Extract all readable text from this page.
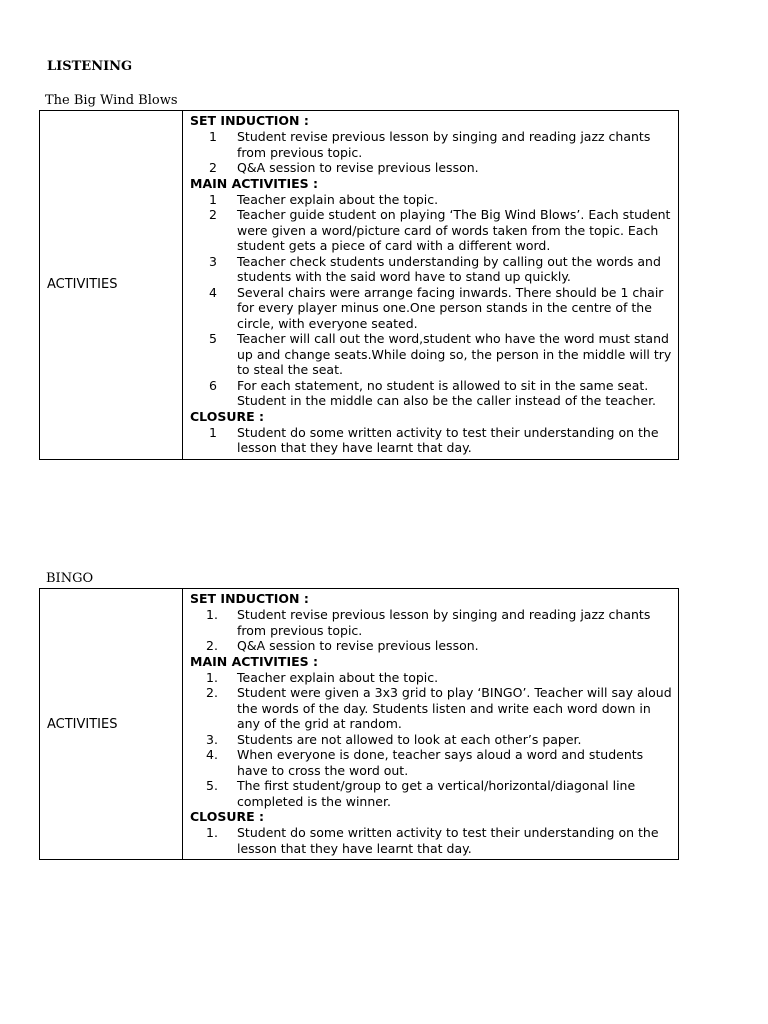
LISTENING
The Big Wind Blows
ACTIVITIES	
SET INDUCTION :
1 Student revise previous lesson by singing and reading jazz chants from previous topic.
2 Q&A session to revise previous lesson.
MAIN ACTIVITIES :
1 Teacher explain about the topic.
2 Teacher guide student on playing ‘The Big Wind Blows’. Each student were given a word/picture card of words taken from the topic. Each student gets a piece of card with a different word.
3 Teacher check students understanding by calling out the words and students with the said word have to stand up quickly.
4 Several chairs were arrange facing inwards. There should be 1 chair for every player minus one.One person stands in the centre of the circle, with everyone seated.
5 Teacher will call out the word,student who have the word must stand up and change seats.While doing so, the person in the middle will try to steal the seat.
6 For each statement, no student is allowed to sit in the same seat. Student in the middle can also be the caller instead of the teacher.
CLOSURE :
1 Student do some written activity to test their understanding on the lesson that they have learnt that day.
BINGO
ACTIVITIES	
SET INDUCTION :
1. Student revise previous lesson by singing and reading jazz chants from previous topic.
2. Q&A session to revise previous lesson.
MAIN ACTIVITIES :
1. Teacher explain about the topic.
2. Student were given a 3x3 grid to play ‘BINGO’. Teacher will say aloud the words of the day. Students listen and write each word down in any of the grid at random.
3. Students are not allowed to look at each other’s paper.
4. When everyone is done, teacher says aloud a word and students have to cross the word out.
5. The first student/group to get a vertical/horizontal/diagonal line completed is the winner.
CLOSURE :
1. Student do some written activity to test their understanding on the lesson that they have learnt that day.
